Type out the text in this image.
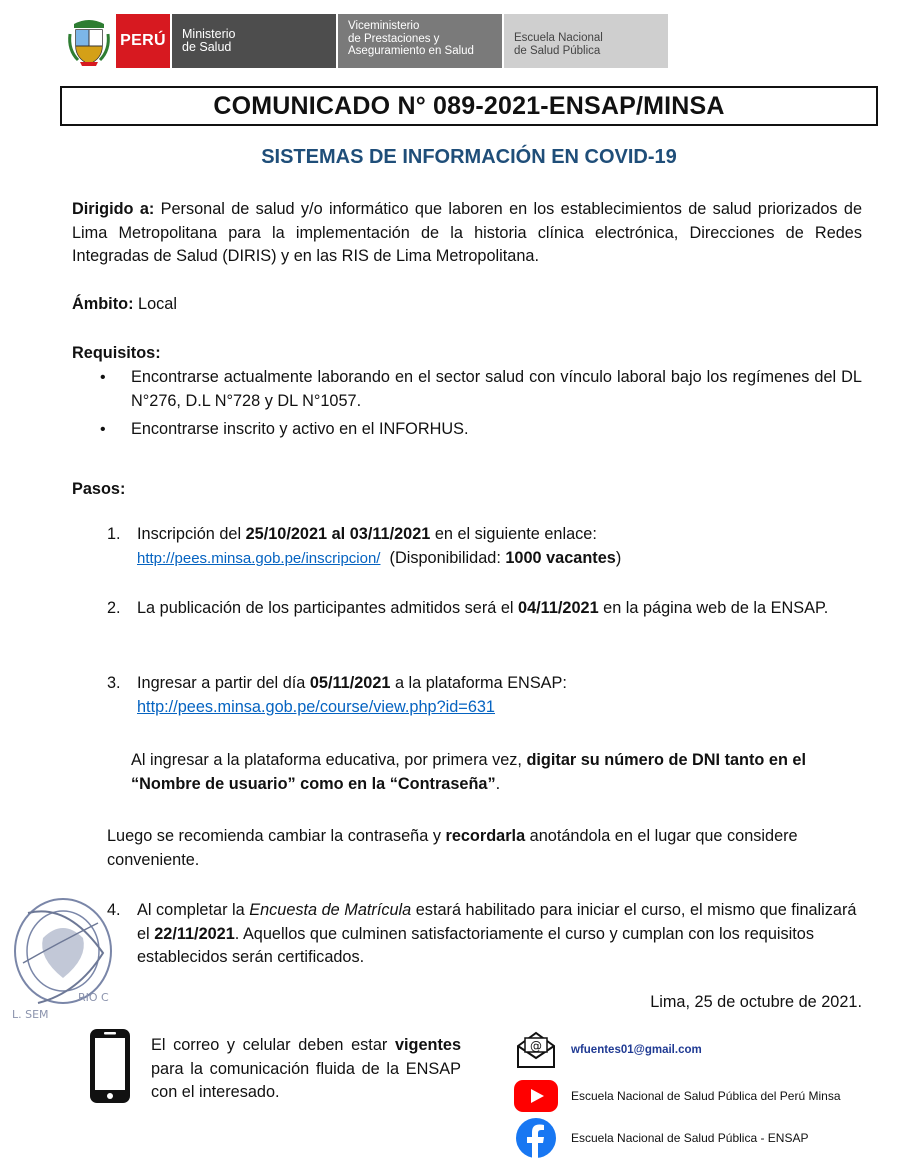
PERÚ Ministerio
de Salud
Viceministerio
de Prestaciones y
Aseguramiento en Salud
Escuela Nacional
de Salud Pública
COMUNICADO N° 089-2021-ENSAP/MINSA
SISTEMAS DE INFORMACIÓN EN COVID-19
Dirigido a: Personal de salud y/o informático que laboren en los establecimientos de salud priorizados de Lima Metropolitana para la implementación de la historia clínica electrónica, Direcciones de Redes Integradas de Salud (DIRIS) y en las RIS de Lima Metropolitana.
Ámbito: Local
Requisitos:
• Encontrarse actualmente laborando en el sector salud con vínculo laboral bajo los regímenes del DL N°276, D.L N°728 y DL N°1057.
• Encontrarse inscrito y activo en el INFORHUS.
Pasos:
1.	Inscripción del 25/10/2021 al 03/11/2021 en el siguiente enlace:
http://pees.minsa.gob.pe/inscripcion/  (Disponibilidad: 1000 vacantes)
2.	La publicación de los participantes admitidos será el 04/11/2021 en la página web de la ENSAP.
3.	Ingresar a partir del día 05/11/2021 a la plataforma ENSAP:
http://pees.minsa.gob.pe/course/view.php?id=631
Al ingresar a la plataforma educativa, por primera vez, digitar su número de DNI tanto en el “Nombre de usuario” como en la “Contraseña”.
Luego se recomienda cambiar la contraseña y recordarla anotándola en el lugar que considere conveniente.
4.	Al completar la Encuesta de Matrícula estará habilitado para iniciar el curso, el mismo que finalizará el 22/11/2021. Aquellos que culminen satisfactoriamente el curso y cumplan con los requisitos establecidos serán certificados.
L. SEM
RIO C	Lima, 25 de octubre de 2021.
El correo y celular deben estar vigentes para la comunicación fluida de la ENSAP con el interesado.
@	wfuentes01@gmail.com
Escuela Nacional de Salud Pública del Perú Minsa
Escuela Nacional de Salud Pública - ENSAP
